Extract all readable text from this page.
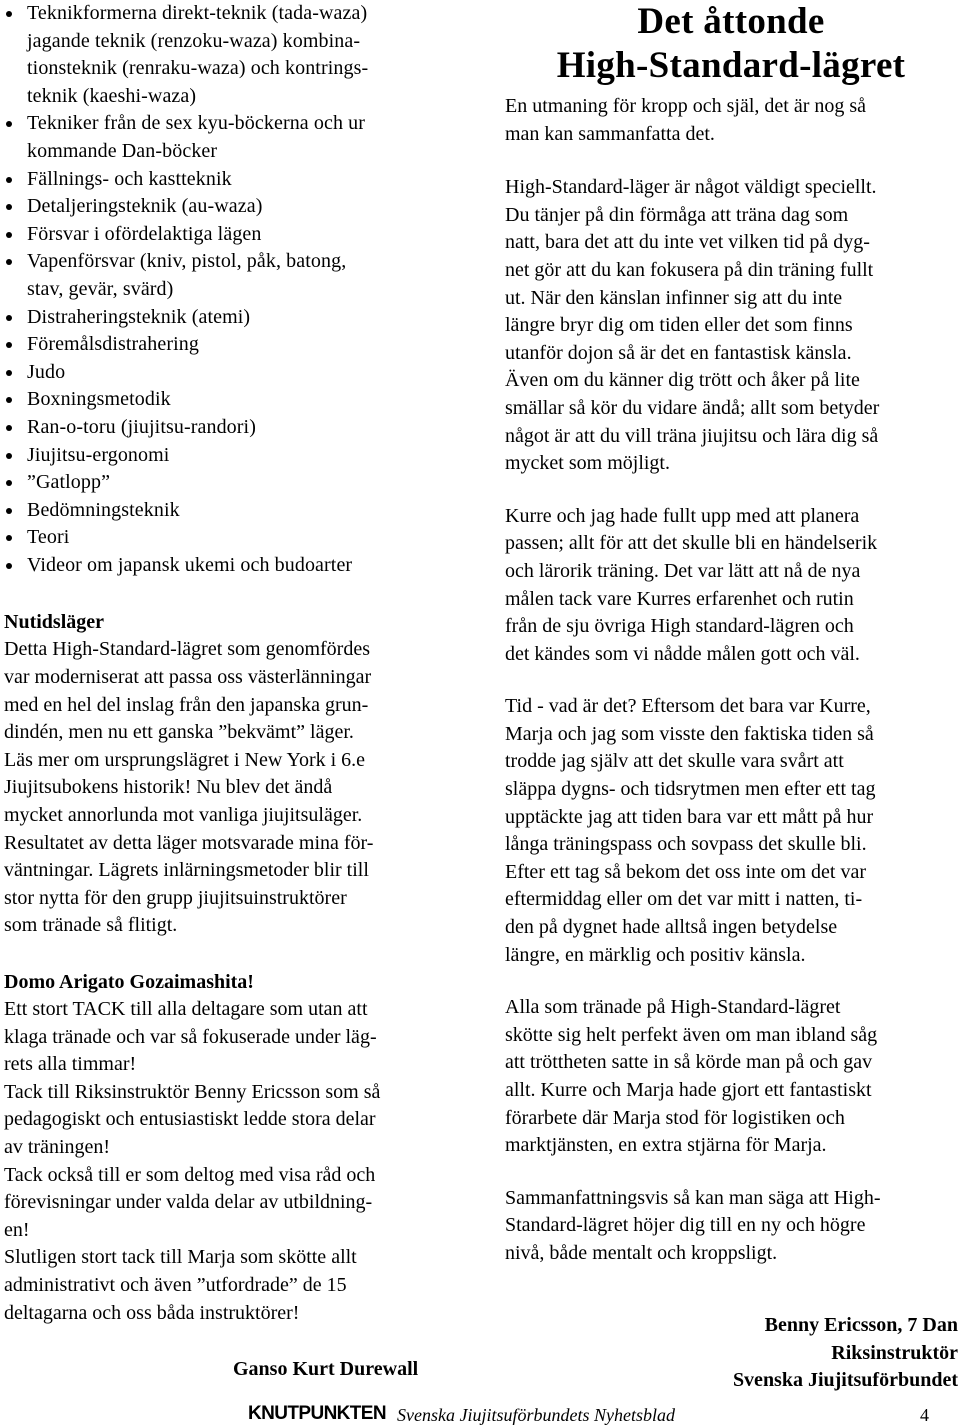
Teknikformerna direkt-teknik (tada-waza)
jagande teknik (renzoku-waza) kombina-
tionsteknik (renraku-waza) och kontrings-
teknik (kaeshi-waza)
Tekniker från de sex kyu-böckerna och ur
kommande Dan-böcker
Fällnings- och kastteknik
Detaljeringsteknik (au-waza)
Försvar i ofördelaktiga lägen
Vapenförsvar (kniv, pistol, påk, batong,
stav, gevär, svärd)
Distraheringsteknik (atemi)
Föremålsdistrahering
Judo
Boxningsmetodik
Ran-o-toru (jiujitsu-randori)
Jiujitsu-ergonomi
”Gatlopp”
Bedömningsteknik
Teori
Videor om japansk ukemi och budoarter
Nutidsläger
Detta High-Standard-lägret som genomfördes
var moderniserat att passa oss västerlänningar
med en hel del inslag från den japanska grun-
dindén, men nu ett ganska ”bekvämt” läger.
Läs mer om ursprungslägret i New York i 6.e
Jiujitsubokens historik! Nu blev det ändå
mycket annorlunda mot vanliga jiujitsuläger.
Resultatet av detta läger motsvarade mina för-
väntningar. Lägrets inlärningsmetoder blir till
stor nytta för den grupp jiujitsuinstruktörer
som tränade så flitigt.
Domo Arigato Gozaimashita!
Ett stort TACK till alla deltagare som utan att
klaga tränade och var så fokuserade under läg-
rets alla timmar!
Tack till Riksinstruktör Benny Ericsson som så
pedagogiskt och entusiastiskt ledde stora delar
av träningen!
Tack också till er som deltog med visa råd och
förevisningar under valda delar av utbildning-
en!
Slutligen stort tack till Marja som skötte allt
administrativt och även ”utfordrade” de 15
deltagarna och oss båda instruktörer!
Ganso Kurt Durewall
Det åttonde
High-Standard-lägret
En utmaning för kropp och själ, det är nog så
man kan sammanfatta det.
High-Standard-läger är något väldigt speciellt.
Du tänjer på din förmåga att träna dag som
natt, bara det att du inte vet vilken tid på dyg-
net gör att du kan fokusera på din träning fullt
ut. När den känslan infinner sig att du inte
längre bryr dig om tiden eller det som finns
utanför dojon så är det en fantastisk känsla.
Även om du känner dig trött och åker på lite
smällar så kör du vidare ändå; allt som betyder
något är att du vill träna jiujitsu och lära dig så
mycket som möjligt.
Kurre och jag hade fullt upp med att planera
passen; allt för att det skulle bli en händelserik
och lärorik träning. Det var lätt att nå de nya
målen tack vare Kurres erfarenhet och rutin
från de sju övriga High standard-lägren och
det kändes som vi nådde målen gott och väl.
Tid - vad är det? Eftersom det bara var Kurre,
Marja och jag som visste den faktiska tiden så
trodde jag själv att det skulle vara svårt att
släppa dygns- och tidsrytmen men efter ett tag
upptäckte jag att tiden bara var ett mått på hur
långa träningspass och sovpass det skulle bli.
Efter ett tag så bekom det oss inte om det var
eftermiddag eller om det var mitt i natten, ti-
den på dygnet hade alltså ingen betydelse
längre, en märklig och positiv känsla.
Alla som tränade på High-Standard-lägret
skötte sig helt perfekt även om man ibland såg
att tröttheten satte in så körde man på och gav
allt. Kurre och Marja hade gjort ett fantastiskt
förarbete där Marja stod för logistiken och
marktjänsten, en extra stjärna för Marja.
Sammanfattningsvis så kan man säga att High-
Standard-lägret höjer dig till en ny och högre
nivå, både mentalt och kroppsligt.
Benny Ericsson, 7 Dan
Riksinstruktör
Svenska Jiujitsuförbundet
KNUTPUNKTEN Svenska Jiujitsuförbundets Nyhetsblad	4
